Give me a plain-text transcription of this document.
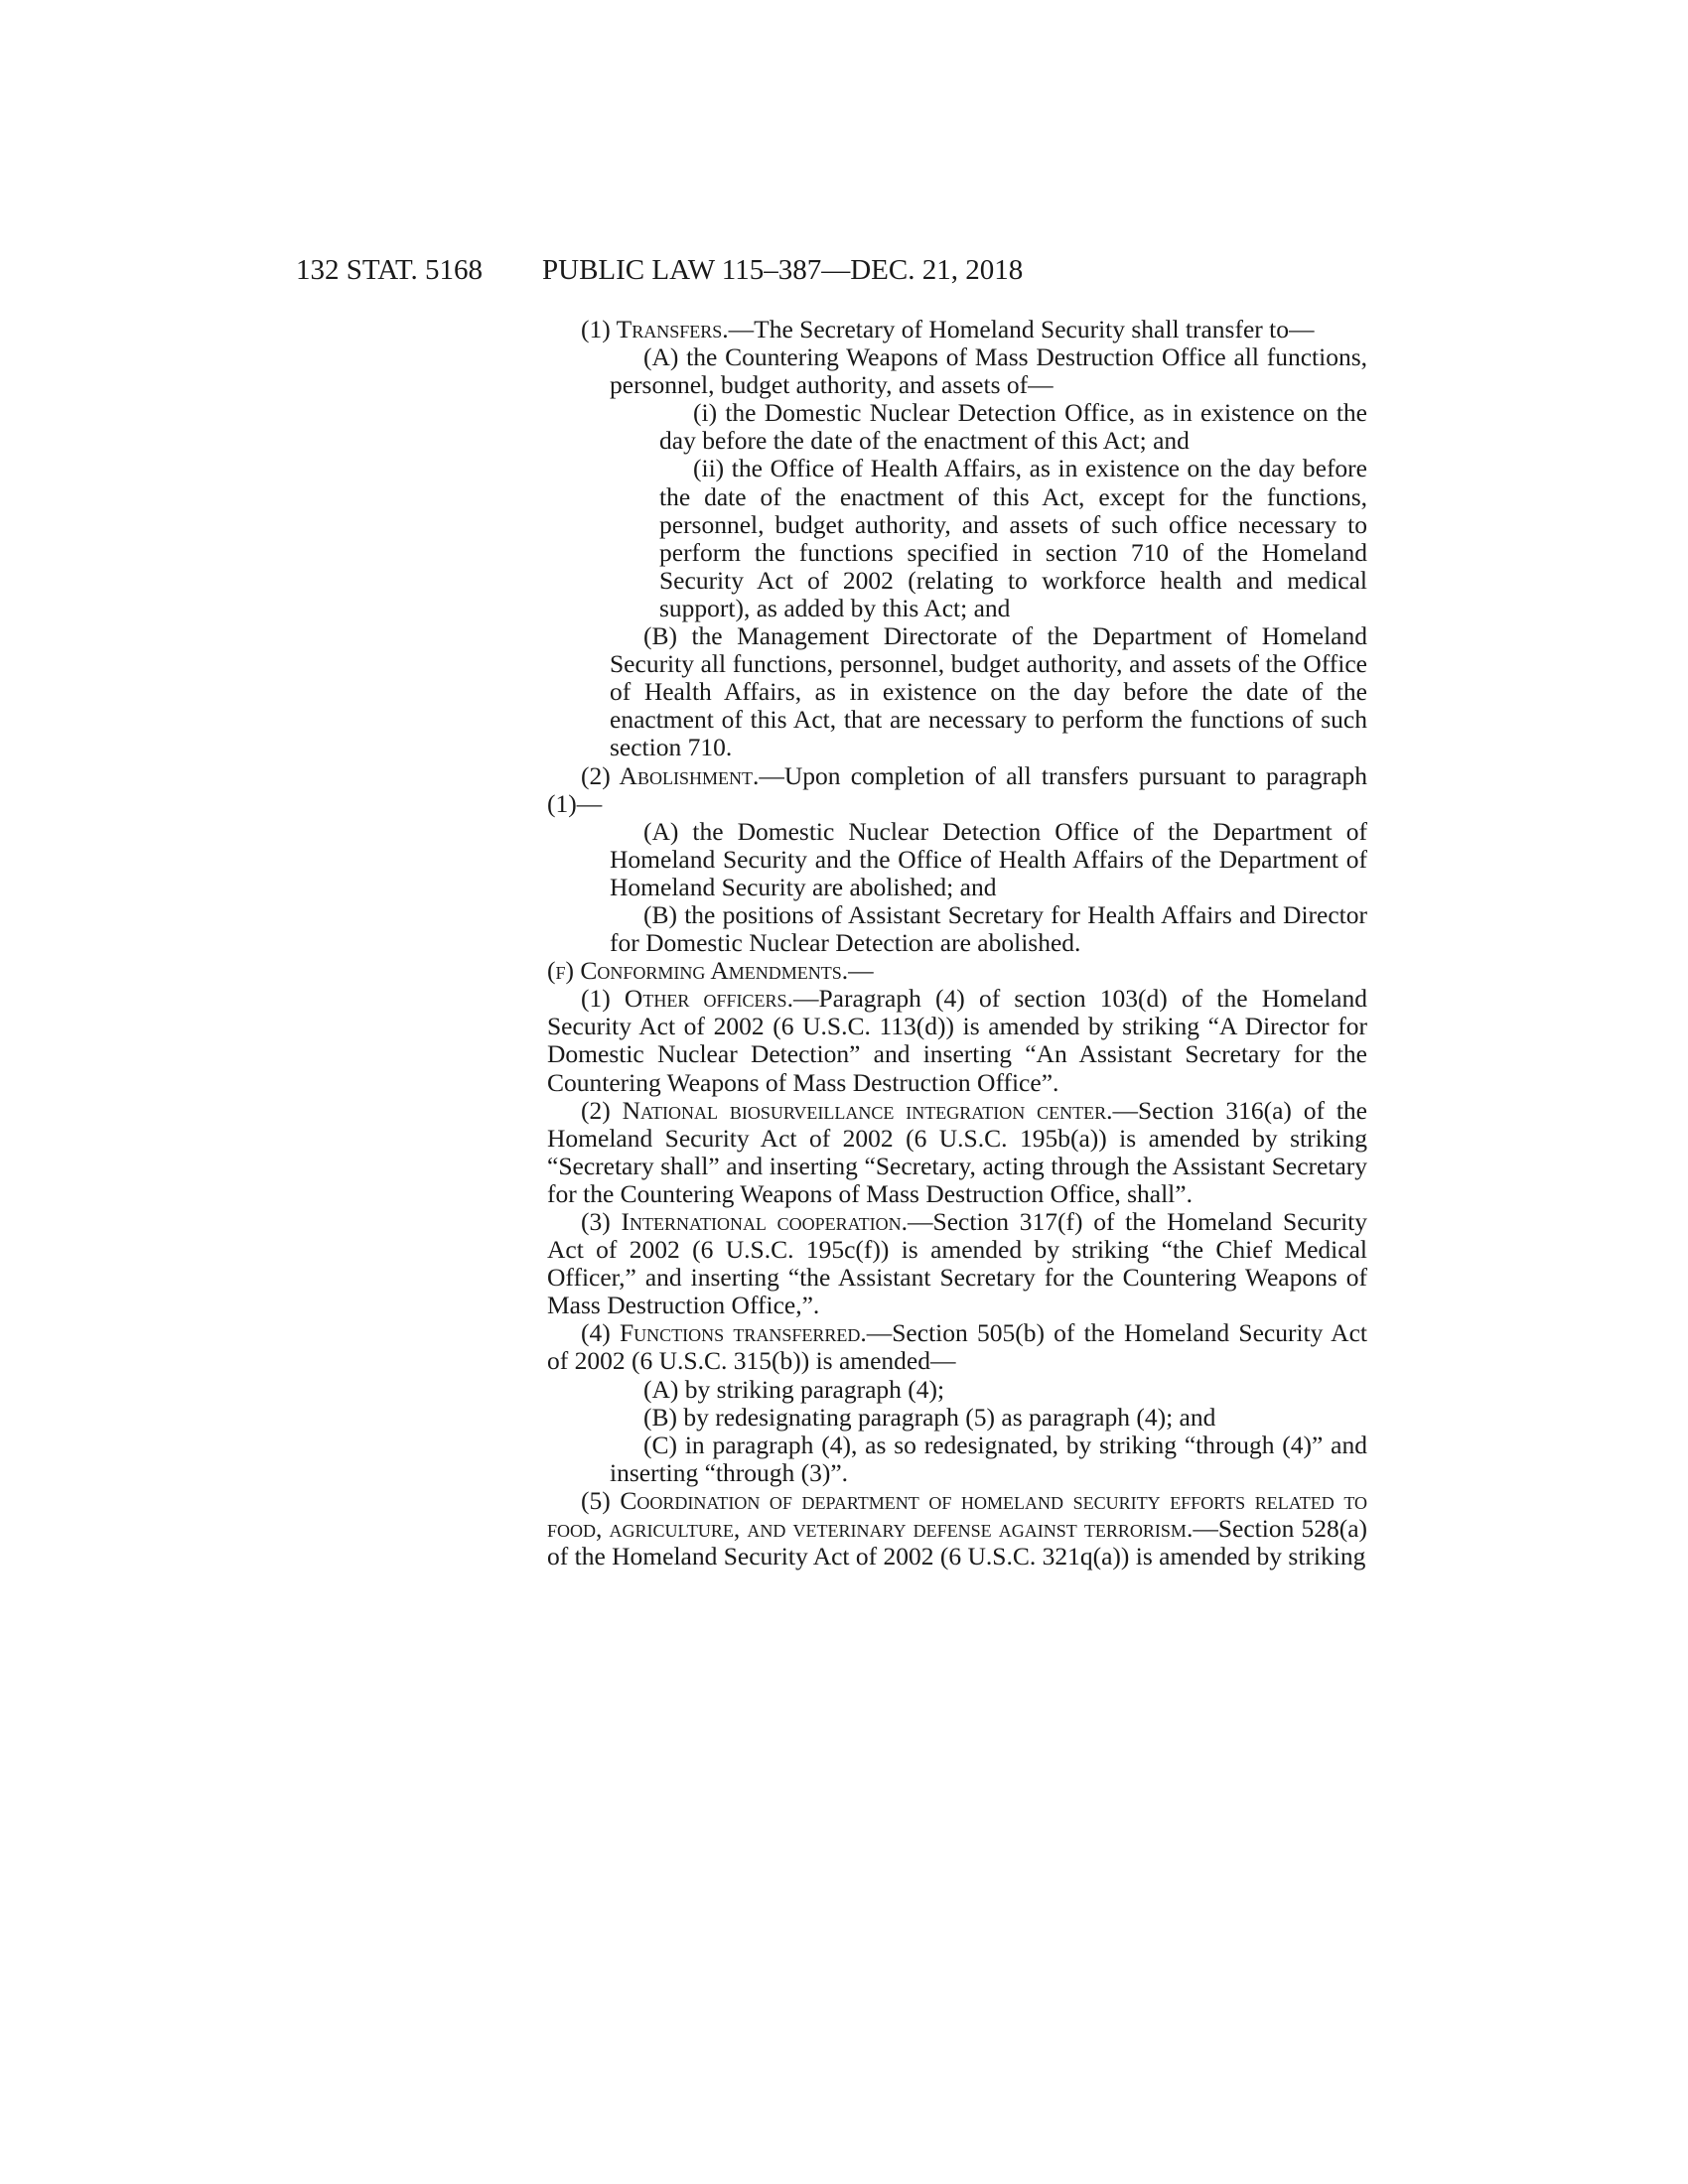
132 STAT. 5168 PUBLIC LAW 115–387—DEC. 21, 2018

(1) Transfers.—The Secretary of Homeland Security shall transfer to—

(A) the Countering Weapons of Mass Destruction Office all functions, personnel, budget authority, and assets of—

(i) the Domestic Nuclear Detection Office, as in existence on the day before the date of the enactment of this Act; and

(ii) the Office of Health Affairs, as in existence on the day before the date of the enactment of this Act, except for the functions, personnel, budget authority, and assets of such office necessary to perform the functions specified in section 710 of the Homeland Security Act of 2002 (relating to workforce health and medical support), as added by this Act; and

(B) the Management Directorate of the Department of Homeland Security all functions, personnel, budget authority, and assets of the Office of Health Affairs, as in existence on the day before the date of the enactment of this Act, that are necessary to perform the functions of such section 710.

(2) Abolishment.—Upon completion of all transfers pursuant to paragraph (1)—

(A) the Domestic Nuclear Detection Office of the Department of Homeland Security and the Office of Health Affairs of the Department of Homeland Security are abolished; and

(B) the positions of Assistant Secretary for Health Affairs and Director for Domestic Nuclear Detection are abolished.

(f) Conforming Amendments.—

(1) Other officers.—Paragraph (4) of section 103(d) of the Homeland Security Act of 2002 (6 U.S.C. 113(d)) is amended by striking “A Director for Domestic Nuclear Detection” and inserting “An Assistant Secretary for the Countering Weapons of Mass Destruction Office”.

(2) National biosurveillance integration center.—Section 316(a) of the Homeland Security Act of 2002 (6 U.S.C. 195b(a)) is amended by striking “Secretary shall” and inserting “Secretary, acting through the Assistant Secretary for the Countering Weapons of Mass Destruction Office, shall”.

(3) International cooperation.—Section 317(f) of the Homeland Security Act of 2002 (6 U.S.C. 195c(f)) is amended by striking “the Chief Medical Officer,” and inserting “the Assistant Secretary for the Countering Weapons of Mass Destruction Office,”.

(4) Functions transferred.—Section 505(b) of the Homeland Security Act of 2002 (6 U.S.C. 315(b)) is amended—

(A) by striking paragraph (4);

(B) by redesignating paragraph (5) as paragraph (4); and

(C) in paragraph (4), as so redesignated, by striking “through (4)” and inserting “through (3)”.

(5) Coordination of department of homeland security efforts related to food, agriculture, and veterinary defense against terrorism.—Section 528(a) of the Homeland Security Act of 2002 (6 U.S.C. 321q(a)) is amended by striking
